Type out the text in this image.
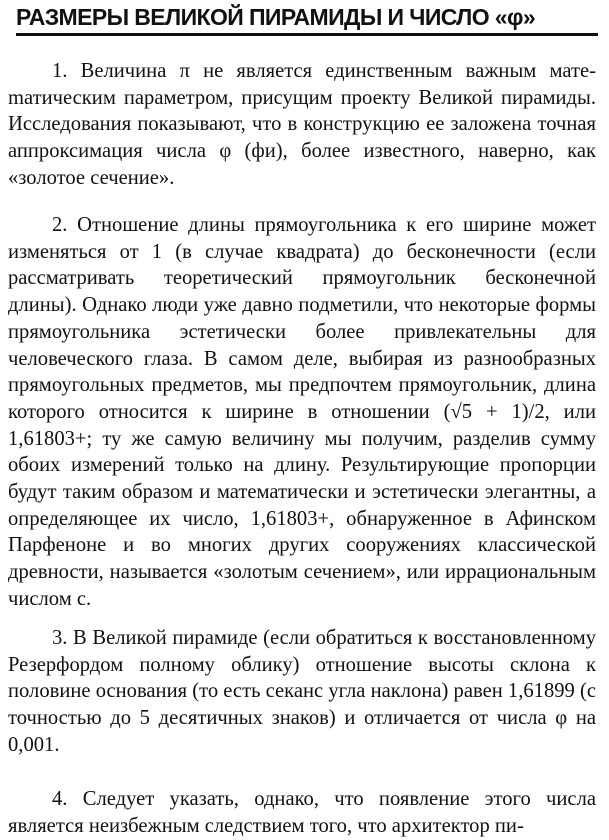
РАЗМЕРЫ ВЕЛИКОЙ ПИРАМИДЫ И ЧИСЛО «φ»

1. Величина π не является единственным важным матеmатическим параметром, присущим проекту Великой пирамиды. Исследования показывают, что в конструкцию ее заложена точная аппроксимация числа φ (фи), более известного, наверно, как «золотое сечение».

2. Отношение длины прямоугольника к его ширине может изменяться от 1 (в случае квадрата) до бесконечности (если рассматривать теоретический прямоугольник бесконечной длины). Однако люди уже давно подметили, что некоторые формы прямоугольника эстетически более привлекательны для человеческого глаза. В самом деле, выбирая из разнообразных прямоугольных предметов, мы предпочтем прямоугольник, длина которого относится к ширине в отношении (√5 + 1)/2, или 1,61803+; ту же самую величину мы получим, разделив сумму обоих измерений только на длину. Результирующие пропорции будут таким образом и математически и эстетически элегантны, а определяющее их число, 1,61803+, обнаруженное в Афинском Парфеноне и во многих других сооружениях классической древности, называется «золотым сечением», или иррациональным числом с.

3. В Великой пирамиде (если обратиться к восстановленному Резерфордом полному облику) отношение высоты склона к половине основания (то есть секанс угла наклона) равен 1,61899 (с точностью до 5 десятичных знаков) и отличается от числа φ на 0,001.

4. Следует указать, однако, что появление этого числа является неизбежным следствием того, что архитектор пи-
